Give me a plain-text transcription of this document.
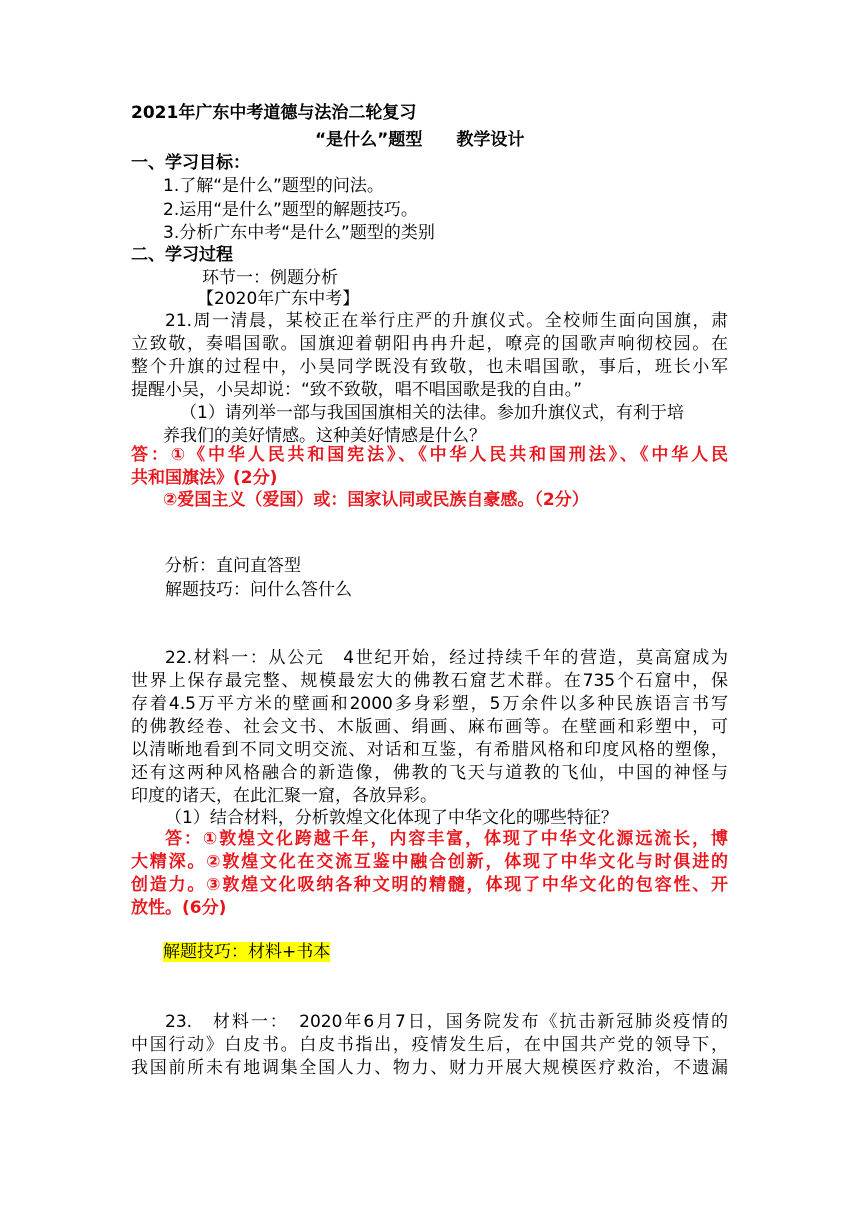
2021年广东中考道德与法治二轮复习
“是什么”题型　　教学设计
一、学习目标：
1.了解“是什么”题型的问法。
2.运用“是什么”题型的解题技巧。
3.分析广东中考“是什么”题型的类别
二、学习过程
环节一：例题分析
【2020年广东中考】
21.周一清晨，某校正在举行庄严的升旗仪式。全校师生面向国旗，肃
立致敬，奏唱国歌。国旗迎着朝阳冉冉升起，嘹亮的国歌声响彻校园。在
整个升旗的过程中，小昊同学既没有致敬，也未唱国歌，事后，班长小军
提醒小吴，小吴却说：“致不致敬，唱不唱国歌是我的自由。”
（1）请列举一部与我国国旗相关的法律。参加升旗仪式，有利于培
养我们的美好情感。这种美好情感是什么？
答：①《中华人民共和国宪法》、《中华人民共和国刑法》、《中华人民
共和国旗法》(2分)
②爱国主义（爱国）或：国家认同或民族自豪感。（2分）
分析：直问直答型
解题技巧：问什么答什么
22.材料一：从公元　4世纪开始，经过持续千年的营造，莫高窟成为
世界上保存最完整、规模最宏大的佛教石窟艺术群。在735个石窟中，保
存着4.5万平方米的壁画和2000多身彩塑，5万余件以多种民族语言书写
的佛教经卷、社会文书、木版画、绢画、麻布画等。在壁画和彩塑中，可
以清晰地看到不同文明交流、对话和互鉴，有希腊风格和印度风格的塑像，
还有这两种风格融合的新造像，佛教的飞天与道教的飞仙，中国的神怪与
印度的诸天，在此汇聚一窟，各放异彩。
（1）结合材料，分析敦煌文化体现了中华文化的哪些特征？
答：①敦煌文化跨越千年，内容丰富，体现了中华文化源远流长，博
大精深。②敦煌文化在交流互鉴中融合创新，体现了中华文化与时俱进的
创造力。③敦煌文化吸纳各种文明的精髓，体现了中华文化的包容性、开
放性。(6分)
解题技巧：材料+书本
23.　材料一：　2020年6月7日，国务院发布《抗击新冠肺炎疫情的
中国行动》白皮书。白皮书指出，疫情发生后，在中国共产党的领导下，
我国前所未有地调集全国人力、物力、财力开展大规模医疗救治，不遗漏
